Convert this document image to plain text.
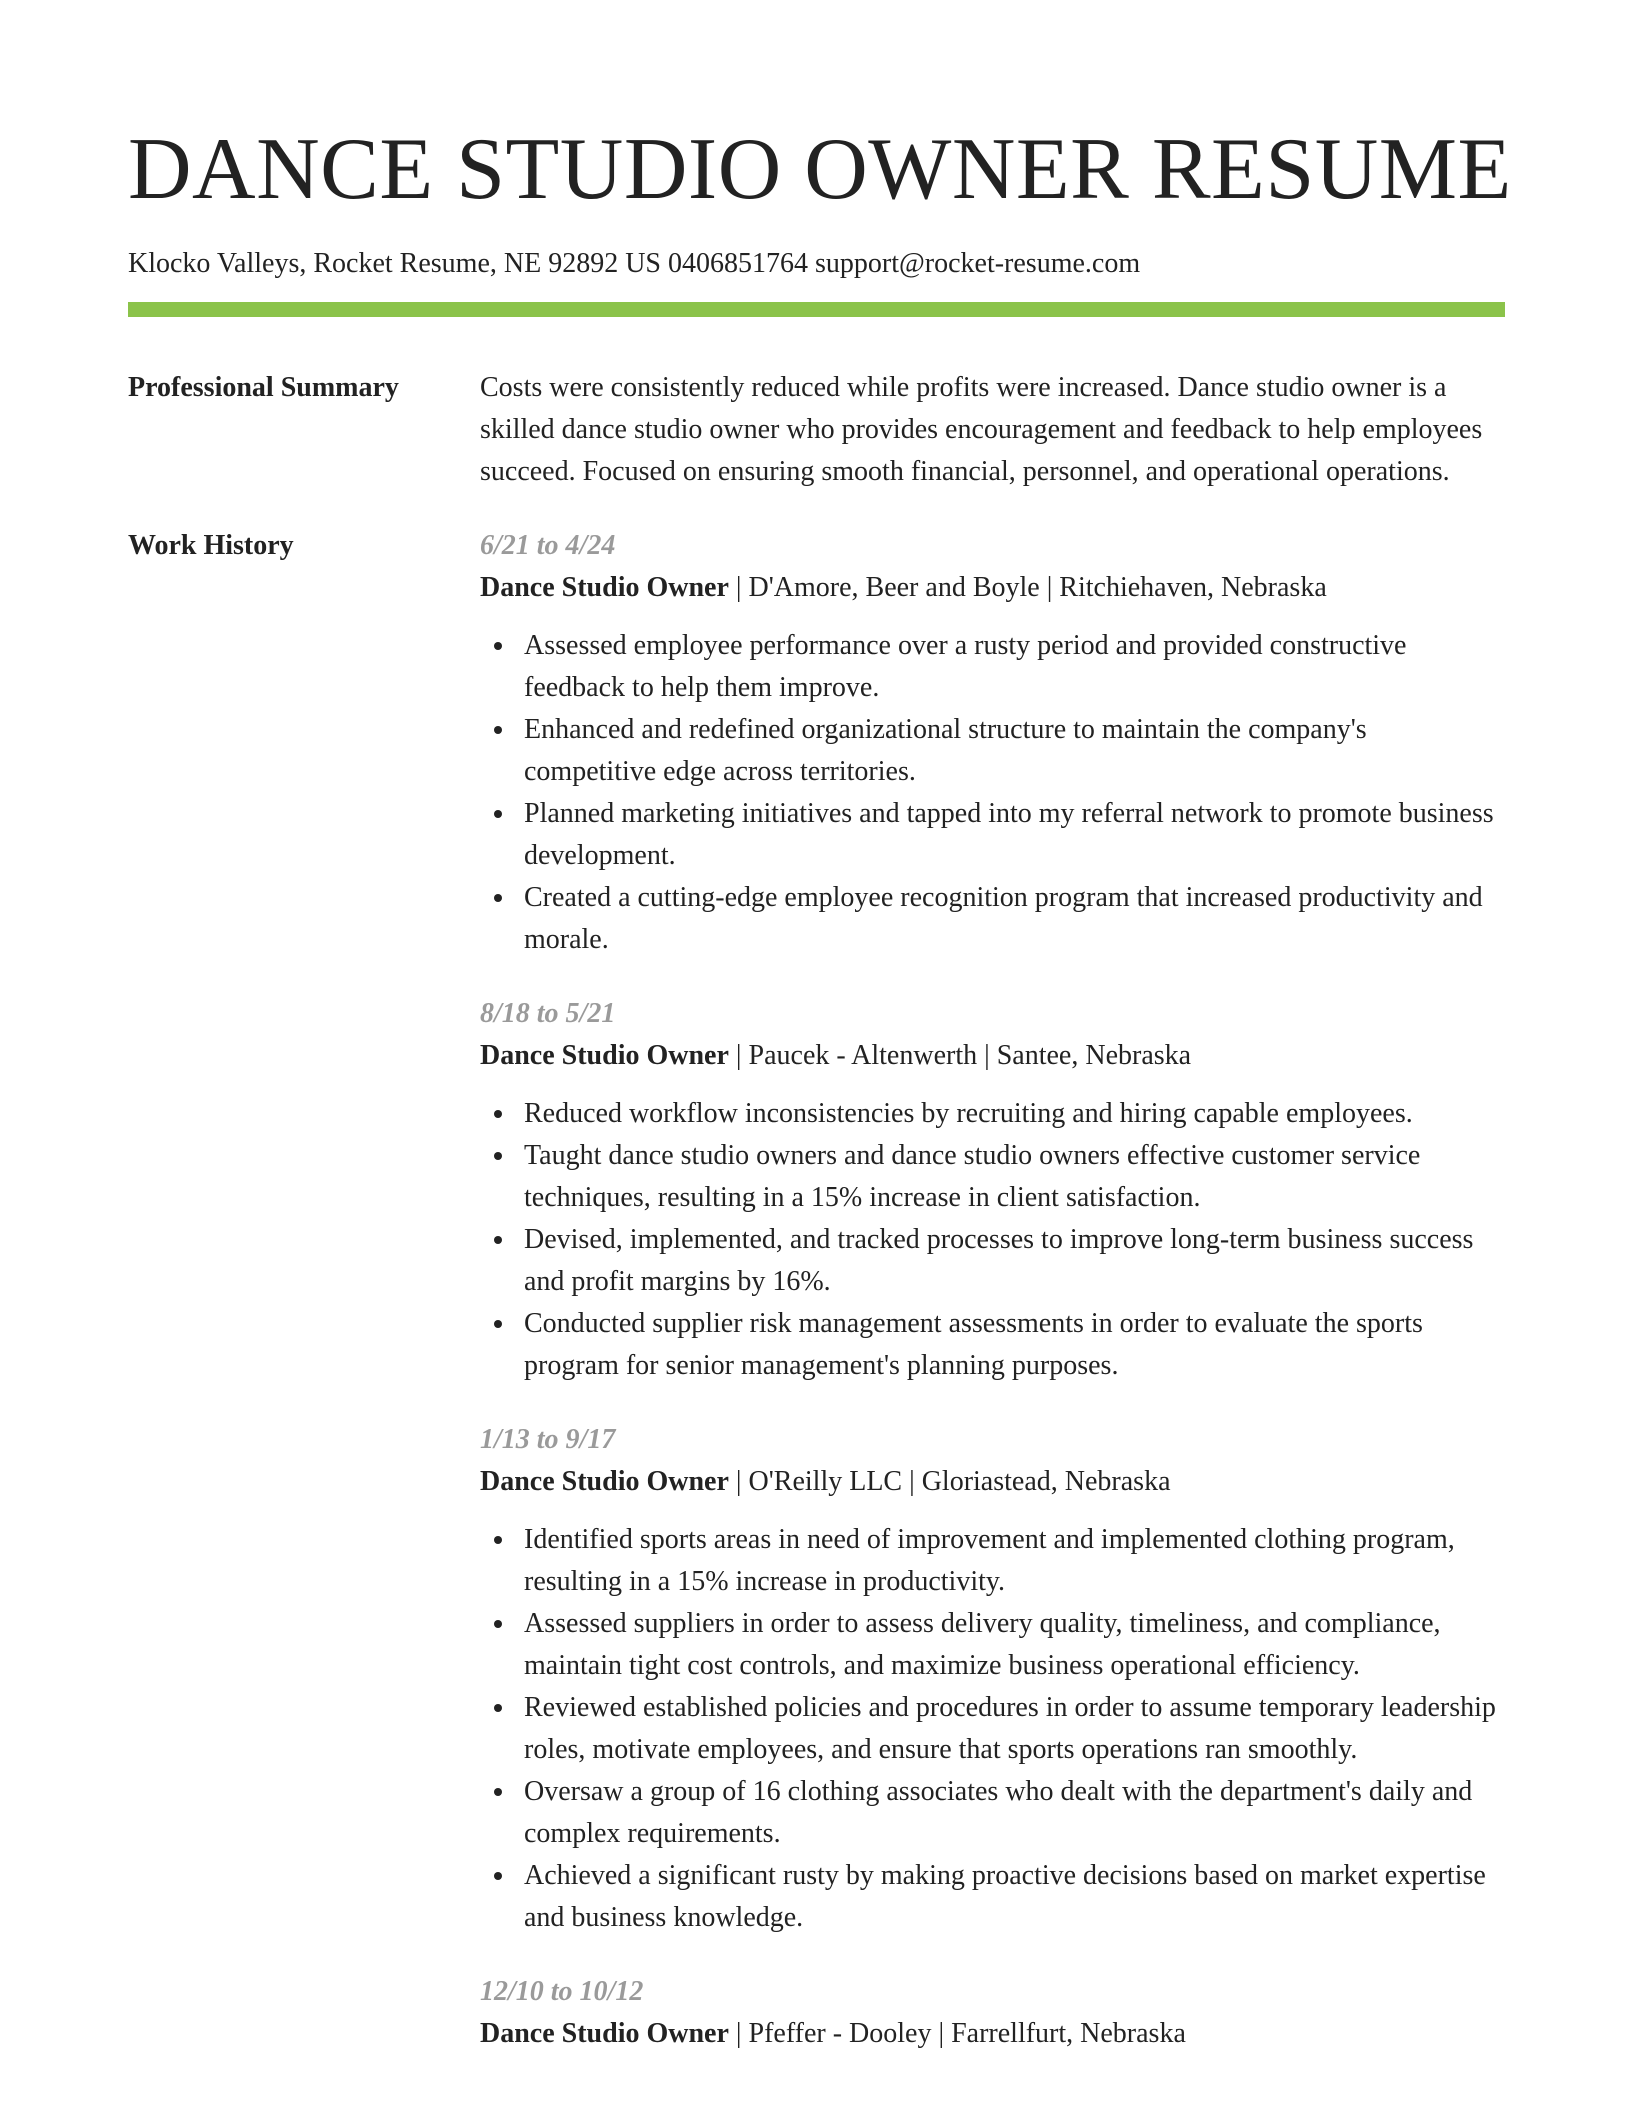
DANCE STUDIO OWNER RESUME
Klocko Valleys, Rocket Resume, NE 92892 US 0406851764 support@rocket-resume.com
Professional Summary	Costs were consistently reduced while profits were increased. Dance studio owner is a skilled dance studio owner who provides encouragement and feedback to help employees succeed. Focused on ensuring smooth financial, personnel, and operational operations.

Work History	6/21 to 4/24
Dance Studio Owner | D'Amore, Beer and Boyle | Ritchiehaven, Nebraska
Assessed employee performance over a rusty period and provided constructive feedback to help them improve.
Enhanced and redefined organizational structure to maintain the company's competitive edge across territories.
Planned marketing initiatives and tapped into my referral network to promote business development.
Created a cutting-edge employee recognition program that increased productivity and morale.
8/18 to 5/21
Dance Studio Owner | Paucek - Altenwerth | Santee, Nebraska
Reduced workflow inconsistencies by recruiting and hiring capable employees.
Taught dance studio owners and dance studio owners effective customer service techniques, resulting in a 15% increase in client satisfaction.
Devised, implemented, and tracked processes to improve long-term business success and profit margins by 16%.
Conducted supplier risk management assessments in order to evaluate the sports program for senior management's planning purposes.
1/13 to 9/17
Dance Studio Owner | O'Reilly LLC | Gloriastead, Nebraska
Identified sports areas in need of improvement and implemented clothing program, resulting in a 15% increase in productivity.
Assessed suppliers in order to assess delivery quality, timeliness, and compliance, maintain tight cost controls, and maximize business operational efficiency.
Reviewed established policies and procedures in order to assume temporary leadership roles, motivate employees, and ensure that sports operations ran smoothly.
Oversaw a group of 16 clothing associates who dealt with the department's daily and complex requirements.
Achieved a significant rusty by making proactive decisions based on market expertise and business knowledge.
12/10 to 10/12
Dance Studio Owner | Pfeffer - Dooley | Farrellfurt, Nebraska
